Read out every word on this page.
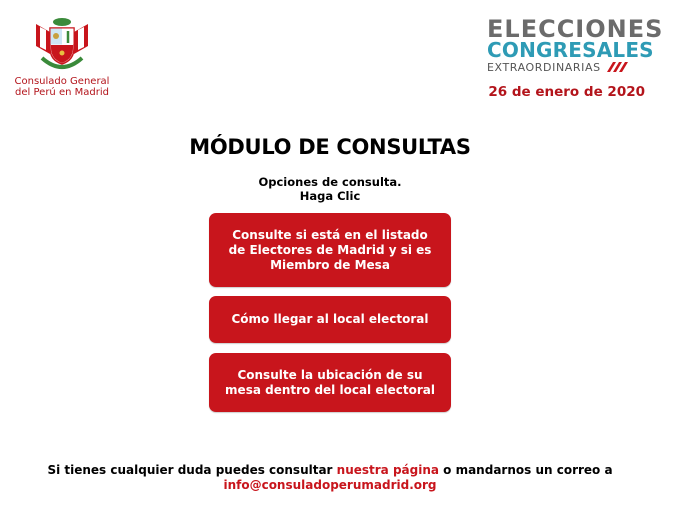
Consulado General
del Perú en Madrid
ELECCIONES
CONGRESALES
EXTRAORDINARIAS
26 de enero de 2020
MÓDULO DE CONSULTAS
Opciones de consulta.
Haga Clic
Consulte si está en el listado de Electores de Madrid y si es Miembro de Mesa
Cómo llegar al local electoral
Consulte la ubicación de su mesa dentro del local electoral
Si tienes cualquier duda puedes consultar nuestra página o mandarnos un correo a
info@consuladoperumadrid.org
